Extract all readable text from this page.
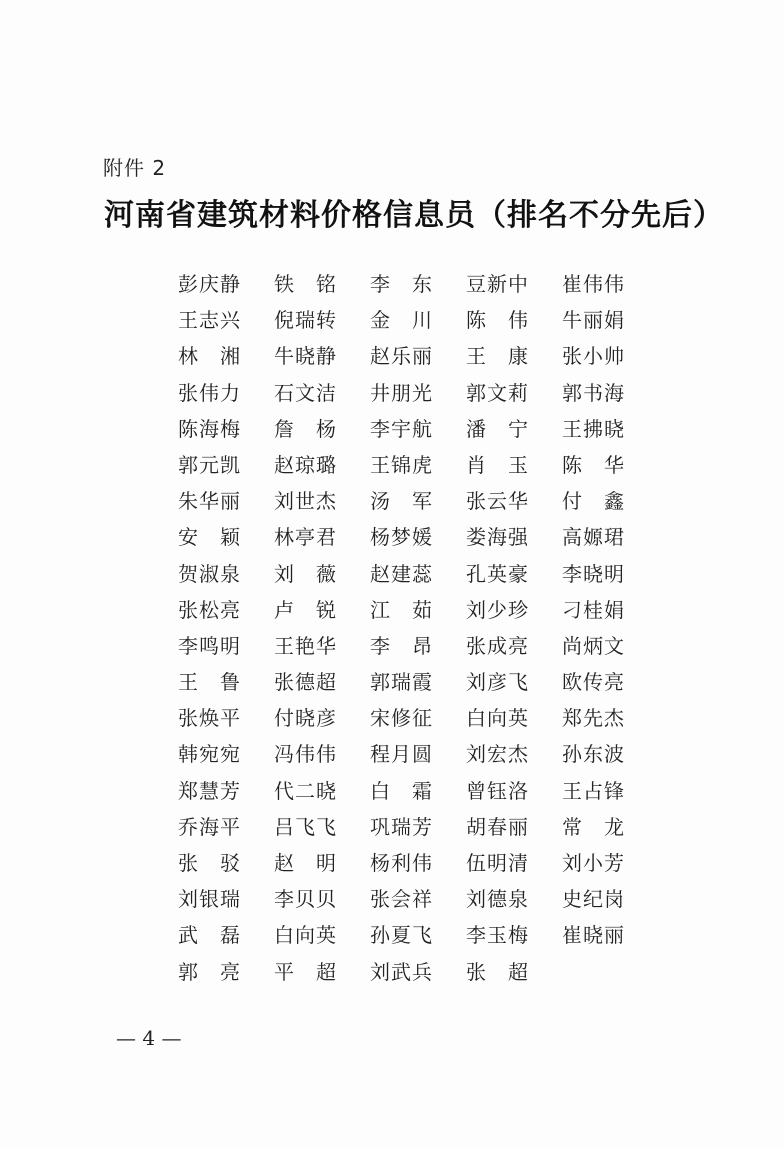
附件 2
河南省建筑材料价格信息员（排名不分先后）
彭庆静 铁　铭 李　东 豆新中 崔伟伟
王志兴 倪瑞转 金　川 陈　伟 牛丽娟
林　湘 牛晓静 赵乐丽 王　康 张小帅
张伟力 石文洁 井朋光 郭文莉 郭书海
陈海梅 詹　杨 李宇航 潘　宁 王拂晓
郭元凯 赵琼璐 王锦虎 肖　玉 陈　华
朱华丽 刘世杰 汤　军 张云华 付　鑫
安　颖 林亭君 杨梦媛 娄海强 高嫄珺
贺淑泉 刘　薇 赵建蕊 孔英豪 李晓明
张松亮 卢　锐 江　茹 刘少珍 刁桂娟
李鸣明 王艳华 李　昂 张成亮 尚炳文
王　鲁 张德超 郭瑞霞 刘彦飞 欧传亮
张焕平 付晓彦 宋修征 白向英 郑先杰
韩宛宛 冯伟伟 程月圆 刘宏杰 孙东波
郑慧芳 代二晓 白　霜 曾钰洛 王占锋
乔海平 吕飞飞 巩瑞芳 胡春丽 常　龙
张　驳 赵　明 杨利伟 伍明清 刘小芳
刘银瑞 李贝贝 张会祥 刘德泉 史纪岗
武　磊 白向英 孙夏飞 李玉梅 崔晓丽
郭　亮 平　超 刘武兵 张　超
— 4 —
